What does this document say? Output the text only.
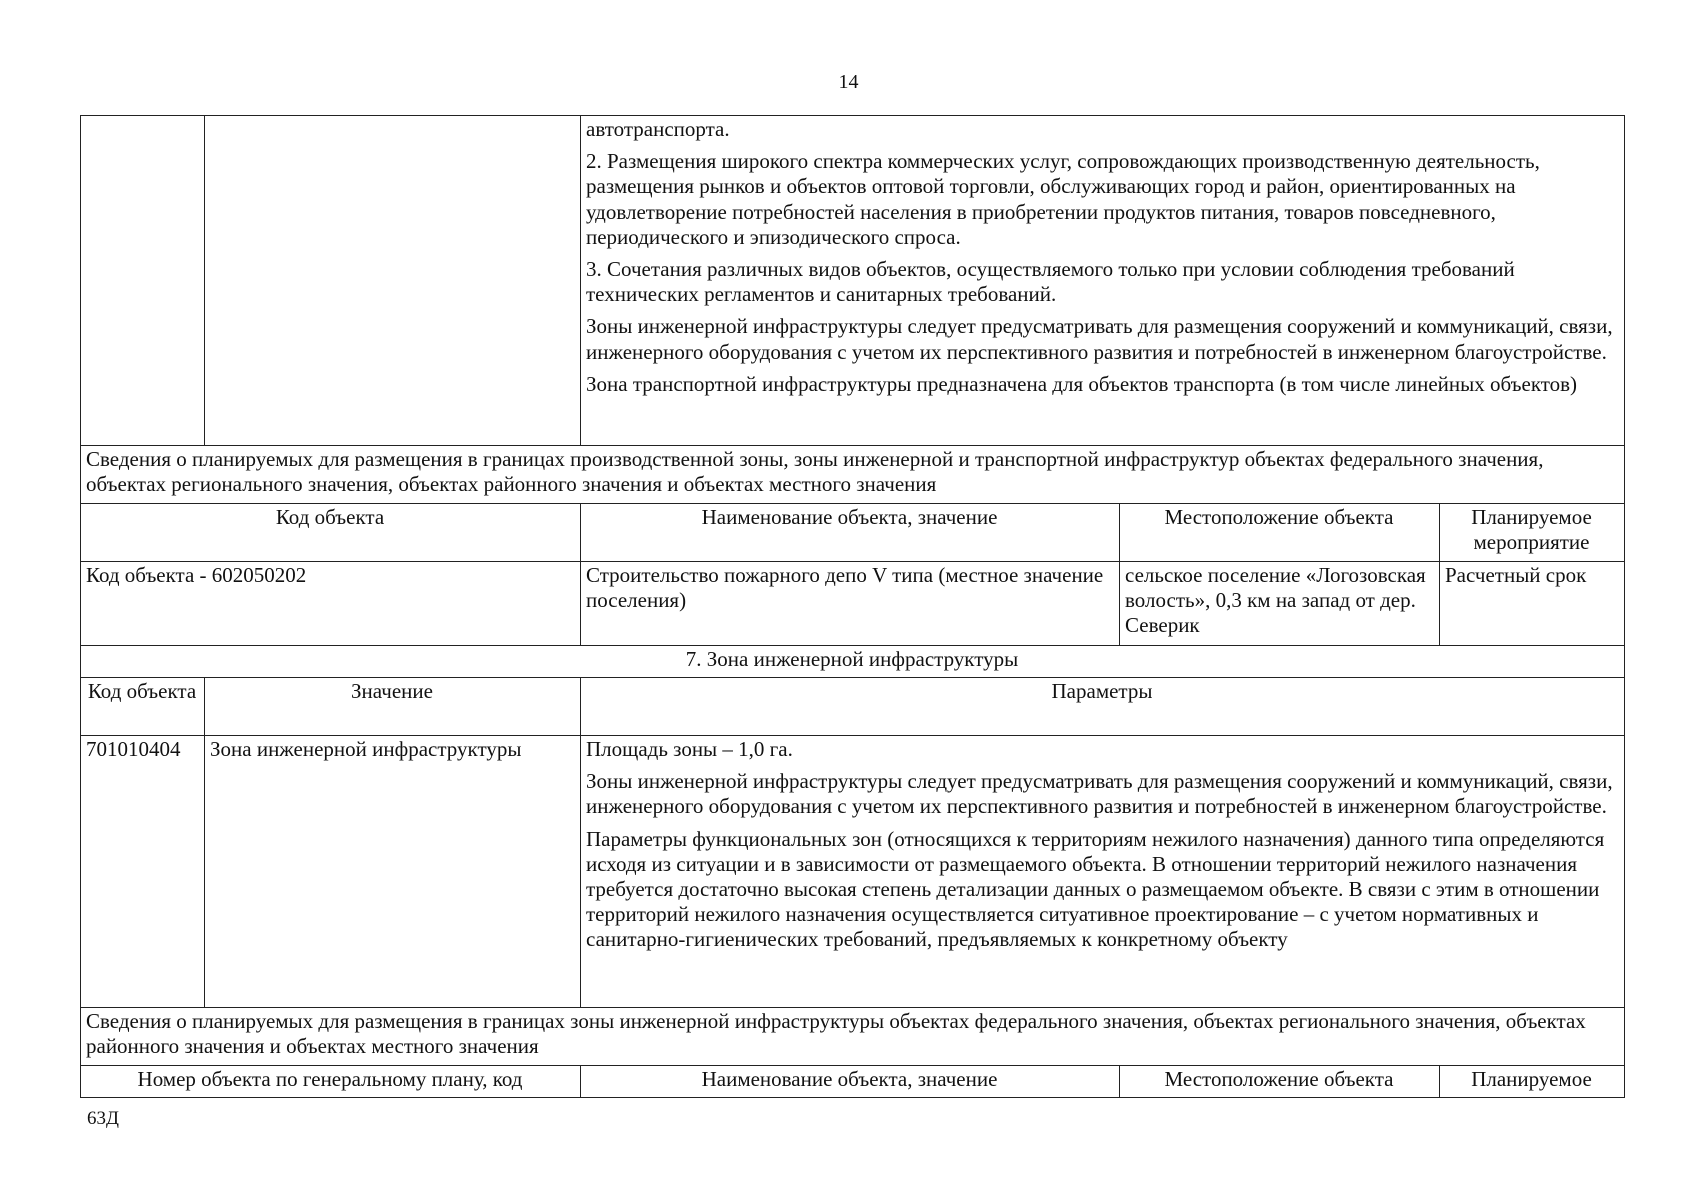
14

		автотранспорта.

2. Размещения широкого спектра коммерческих услуг, сопровождающих производственную деятельность, размещения рынков и объектов оптовой торговли, обслуживающих город и район, ориентированных на удовлетворение потребностей населения в приобретении продуктов питания, товаров повседневного, периодического и эпизодического спроса.

3. Сочетания различных видов объектов, осуществляемого только при условии соблюдения требований технических регламентов и санитарных требований.

Зоны инженерной инфраструктуры следует предусматривать для размещения сооружений и коммуникаций, связи, инженерного оборудования с учетом их перспективного развития и потребностей в инженерном благоустройстве.

Зона транспортной инфраструктуры предназначена для объектов транспорта (в том числе линейных объектов)		

Сведения о планируемых для размещения в границах производственной зоны, зоны инженерной и транспортной инфраструктур объектах федерального значения, объектах регионального значения, объектах районного значения и объектах местного значения				
Код объекта		Наименование объекта, значение	Местоположение объекта	Планируемое мероприятие
Код объекта - 602050202		Строительство пожарного депо V типа (местное значение поселения)	сельское поселение «Логозовская волость», 0,3 км на запад от дер. Северик	Расчетный срок
7. Зона инженерной инфраструктуры				
Код объекта	Значение	Параметры		
701010404	Зона инженерной инфраструктуры	Площадь зоны – 1,0 га.

Зоны инженерной инфраструктуры следует предусматривать для размещения сооружений и коммуникаций, связи, инженерного оборудования с учетом их перспективного развития и потребностей в инженерном благоустройстве.

Параметры функциональных зон (относящихся к территориям нежилого назначения) данного типа определяются исходя из ситуации и в зависимости от размещаемого объекта. В отношении территорий нежилого назначения требуется достаточно высокая степень детализации данных о размещаемом объекте. В связи с этим в отношении территорий нежилого назначения осуществляется ситуативное проектирование – с учетом нормативных и санитарно-гигиенических требований, предъявляемых к конкретному объекту		

Сведения о планируемых для размещения в границах зоны инженерной инфраструктуры объектах федерального значения, объектах регионального значения, объектах районного значения и объектах местного значения				
Номер объекта по генеральному плану, код		Наименование объекта, значение	Местоположение объекта	Планируемое
63Д
